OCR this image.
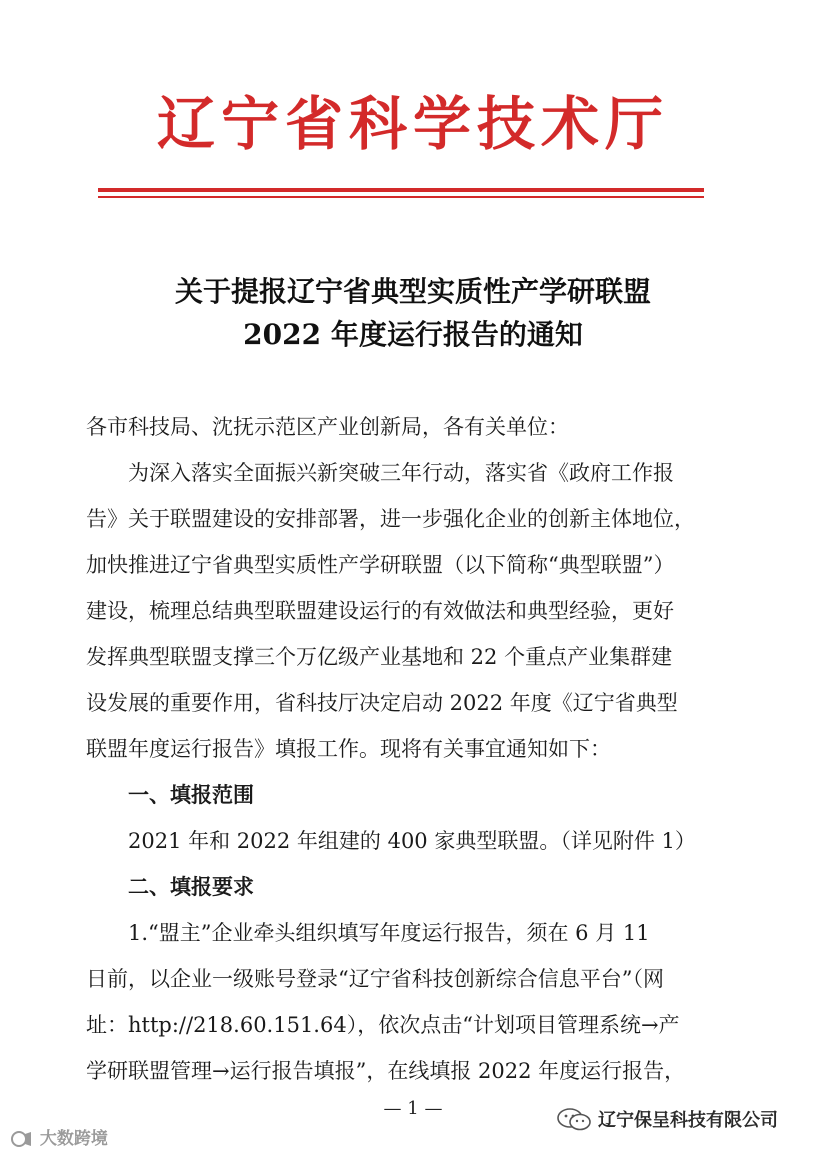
辽宁省科学技术厅
关于提报辽宁省典型实质性产学研联盟
2022 年度运行报告的通知

各市科技局、沈抚示范区产业创新局，各有关单位：

为深入落实全面振兴新突破三年行动，落实省《政府工作报

告》关于联盟建设的安排部署，进一步强化企业的创新主体地位，

加快推进辽宁省典型实质性产学研联盟（以下简称“典型联盟”）

建设，梳理总结典型联盟建设运行的有效做法和典型经验，更好

发挥典型联盟支撑三个万亿级产业基地和 22 个重点产业集群建

设发展的重要作用，省科技厅决定启动 2022 年度《辽宁省典型

联盟年度运行报告》填报工作。现将有关事宜通知如下：

一、填报范围

2021 年和 2022 年组建的 400 家典型联盟。（详见附件 1）

二、填报要求

1.“盟主”企业牵头组织填写年度运行报告，须在 6 月 11

日前，以企业一级账号登录“辽宁省科技创新综合信息平台”（网

址：http://218.60.151.64），依次点击“计划项目管理系统→产

学研联盟管理→运行报告填报”，在线填报 2022 年度运行报告，

— 1 —
大数跨境
辽宁保呈科技有限公司
